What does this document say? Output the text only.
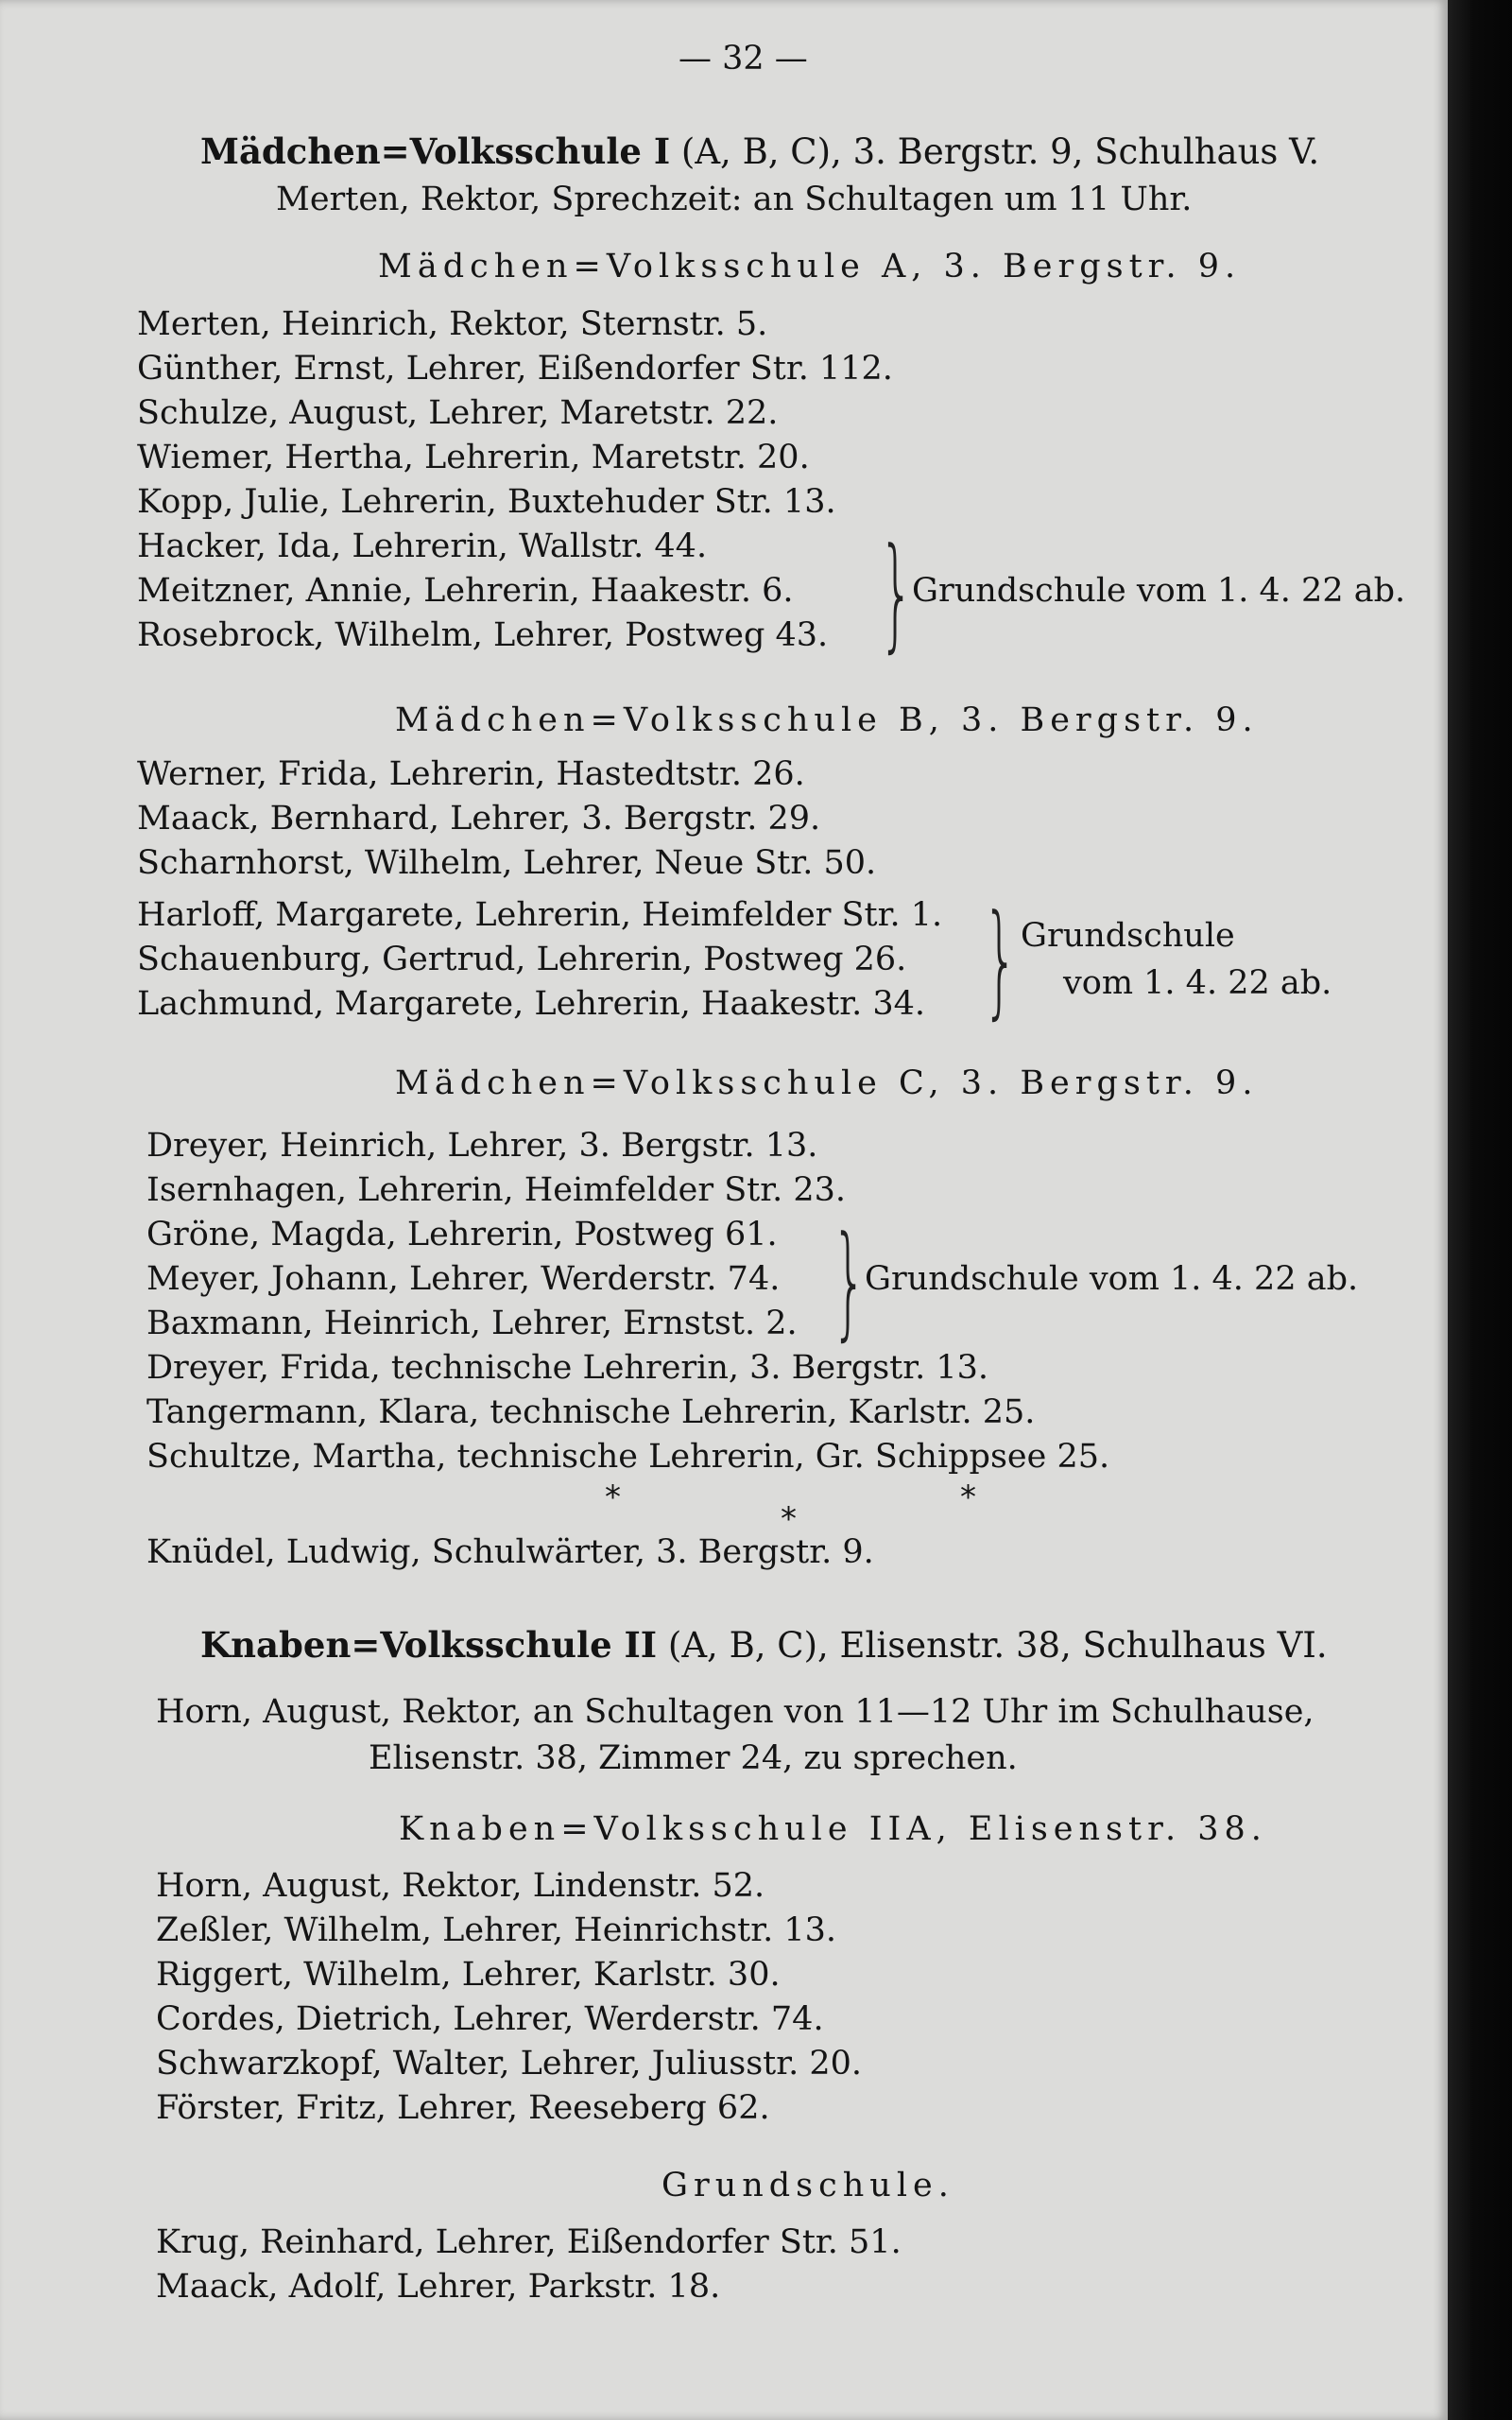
— 32 —
Mädchen=Volksschule I (A, B, C), 3. Bergstr. 9, Schulhaus V.
Merten, Rektor, Sprechzeit: an Schultagen um 11 Uhr.
Mädchen=Volksschule A, 3. Bergstr. 9.
Merten, Heinrich, Rektor, Sternstr. 5.
Günther, Ernst, Lehrer, Eißendorfer Str. 112.
Schulze, August, Lehrer, Maretstr. 22.
Wiemer, Hertha, Lehrerin, Maretstr. 20.
Kopp, Julie, Lehrerin, Buxtehuder Str. 13.
Hacker, Ida, Lehrerin, Wallstr. 44.
Meitzner, Annie, Lehrerin, Haakestr. 6.
Rosebrock, Wilhelm, Lehrer, Postweg 43. }
Grundschule vom 1. 4. 22 ab.
Mädchen=Volksschule B, 3. Bergstr. 9.
Werner, Frida, Lehrerin, Hastedtstr. 26.
Maack, Bernhard, Lehrer, 3. Bergstr. 29.
Scharnhorst, Wilhelm, Lehrer, Neue Str. 50.
Harloff, Margarete, Lehrerin, Heimfelder Str. 1.
Schauenburg, Gertrud, Lehrerin, Postweg 26.
Lachmund, Margarete, Lehrerin, Haakestr. 34. } Grundschule
vom 1. 4. 22 ab.
Mädchen=Volksschule C, 3. Bergstr. 9.
Dreyer, Heinrich, Lehrer, 3. Bergstr. 13.
Isernhagen, Lehrerin, Heimfelder Str. 23.
Gröne, Magda, Lehrerin, Postweg 61.
Meyer, Johann, Lehrer, Werderstr. 74.
Baxmann, Heinrich, Lehrer, Ernstst. 2.
Dreyer, Frida, technische Lehrerin, 3. Bergstr. 13.
Tangermann, Klara, technische Lehrerin, Karlstr. 25.
Schultze, Martha, technische Lehrerin, Gr. Schippsee 25.
}
Grundschule vom 1. 4. 22 ab.
*
*
*
Knüdel, Ludwig, Schulwärter, 3. Bergstr. 9.
Knaben=Volksschule II (A, B, C), Elisenstr. 38, Schulhaus VI.
Horn, August, Rektor, an Schultagen von 11—12 Uhr im Schulhause,
Elisenstr. 38, Zimmer 24, zu sprechen.
Knaben=Volksschule IIA, Elisenstr. 38.
Horn, August, Rektor, Lindenstr. 52.
Zeßler, Wilhelm, Lehrer, Heinrichstr. 13.
Riggert, Wilhelm, Lehrer, Karlstr. 30.
Cordes, Dietrich, Lehrer, Werderstr. 74.
Schwarzkopf, Walter, Lehrer, Juliusstr. 20.
Förster, Fritz, Lehrer, Reeseberg 62.
Grundschule.
Krug, Reinhard, Lehrer, Eißendorfer Str. 51.
Maack, Adolf, Lehrer, Parkstr. 18.
